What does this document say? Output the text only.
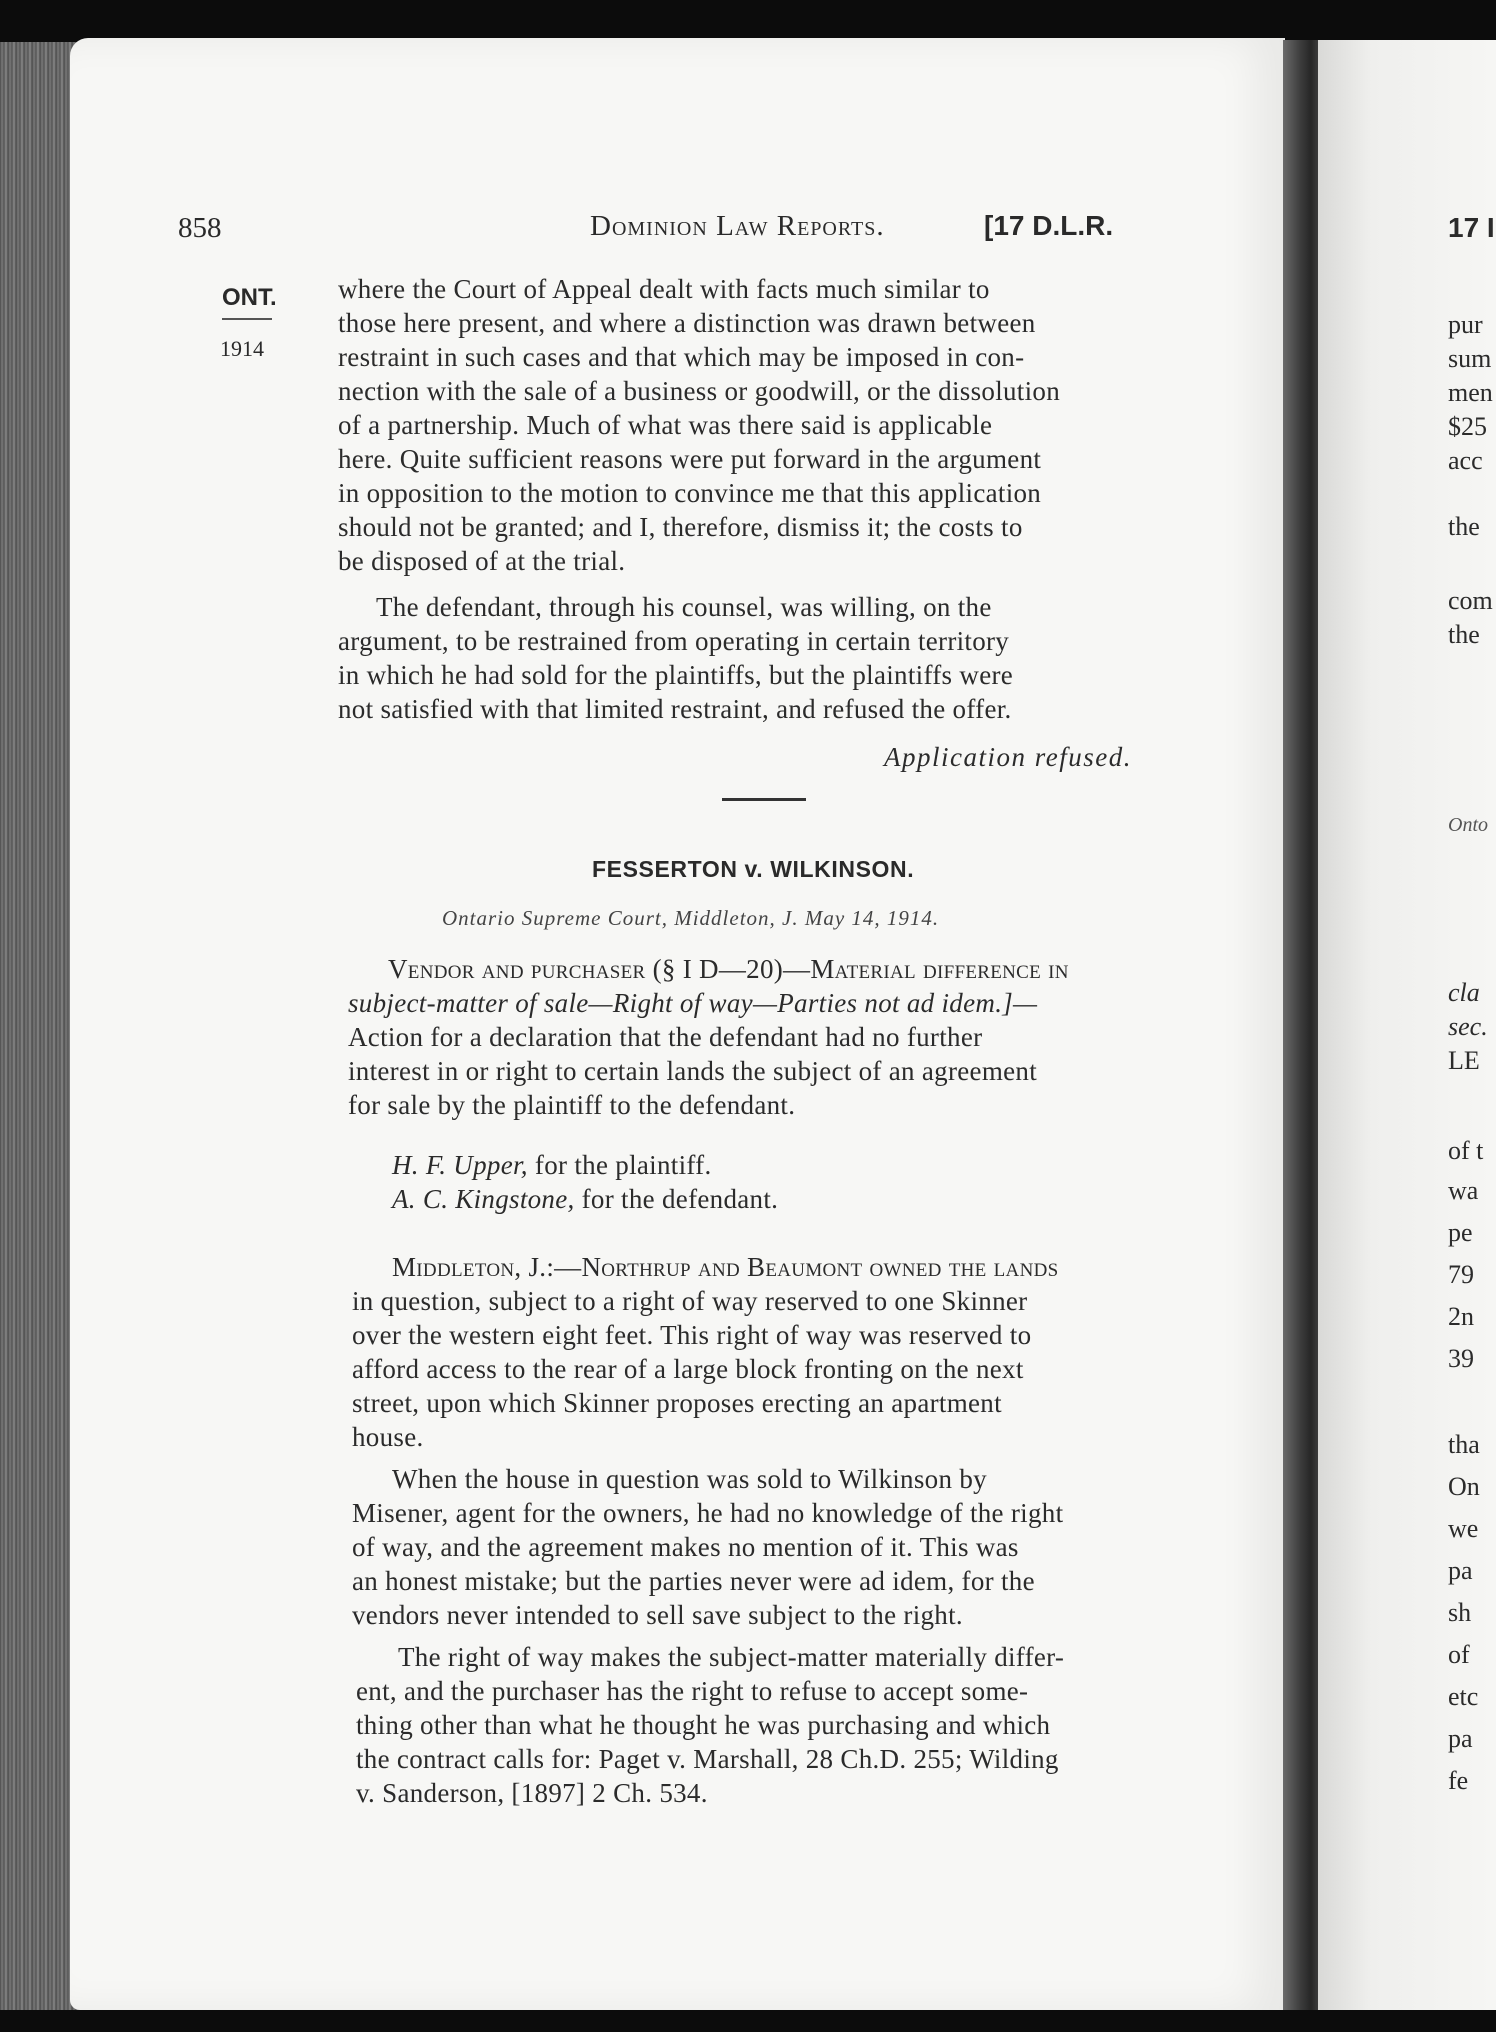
858	Dominion Law Reports.	[17 D.L.R.
ONT.
1914
where the Court of Appeal dealt with facts much similar to
those here present, and where a distinction was drawn between
restraint in such cases and that which may be imposed in con-
nection with the sale of a business or goodwill, or the dissolution
of a partnership. Much of what was there said is applicable
here. Quite sufficient reasons were put forward in the argument
in opposition to the motion to convince me that this application
should not be granted; and I, therefore, dismiss it; the costs to
be disposed of at the trial.
The defendant, through his counsel, was willing, on the
argument, to be restrained from operating in certain territory
in which he had sold for the plaintiffs, but the plaintiffs were
not satisfied with that limited restraint, and refused the offer.
Application refused.
FESSERTON v. WILKINSON.
Ontario Supreme Court, Middleton, J. May 14, 1914.
Vendor and purchaser (§ I D—20)—Material difference in
subject-matter of sale—Right of way—Parties not ad idem.]—
Action for a declaration that the defendant had no further
interest in or right to certain lands the subject of an agreement
for sale by the plaintiff to the defendant.
H. F. Upper, for the plaintiff.
A. C. Kingstone, for the defendant.
Middleton, J.:—Northrup and Beaumont owned the lands
in question, subject to a right of way reserved to one Skinner
over the western eight feet. This right of way was reserved to
afford access to the rear of a large block fronting on the next
street, upon which Skinner proposes erecting an apartment
house.
When the house in question was sold to Wilkinson by
Misener, agent for the owners, he had no knowledge of the right
of way, and the agreement makes no mention of it. This was
an honest mistake; but the parties never were ad idem, for the
vendors never intended to sell save subject to the right.
The right of way makes the subject-matter materially differ-
ent, and the purchaser has the right to refuse to accept some-
thing other than what he thought he was purchasing and which
the contract calls for: Paget v. Marshall, 28 Ch.D. 255; Wilding
v. Sanderson, [1897] 2 Ch. 534.
17 I
pur
sum
men
$25
acc
the
com
the
Onto
cla
sec.
LE
of t
wa
pe
79
2n
39
tha
On
we
pa
sh
of
etc
pa
fe
